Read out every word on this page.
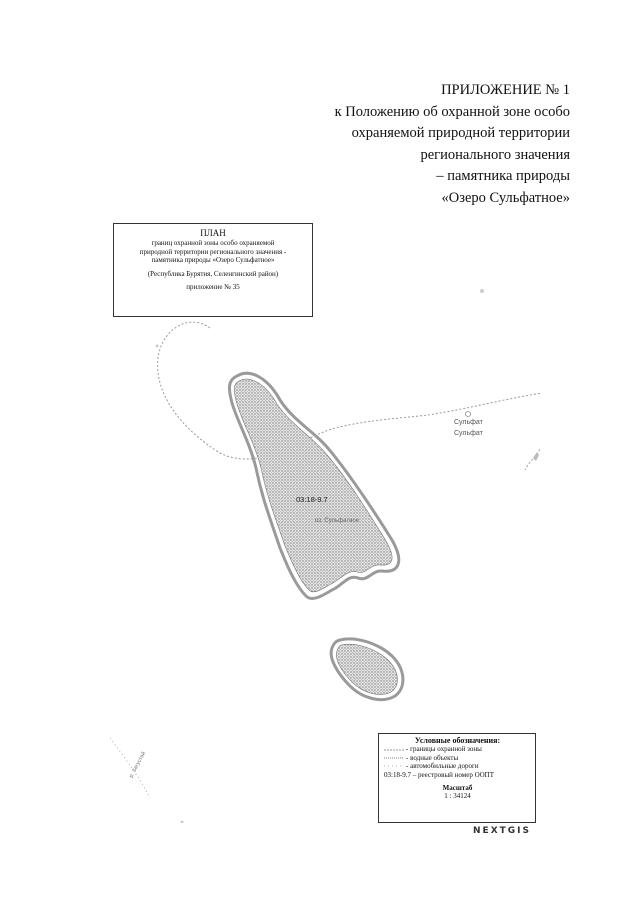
ПРИЛОЖЕНИЕ № 1
к Положению об охранной зоне особо
охраняемой природной территории
регионального значения
– памятника природы
«Озеро Сульфатное»
03:18-9.7
оз. Сульфатное
Сульфат
Сульфат
р. Загустай
ПЛАН
границ охранной зоны особо охраняемой
природной территории регионального значения -
памятника природы «Озеро Сульфатное»
(Республика Бурятия, Селенгинский район)
приложение № 35
Условные обозначения:
- границы охранной зоны
- водные объекты
- автомобильные дороги
03:18-9.7 – реестровый номер ООПТ
Масштаб
1 : 34124
NEXTGIS
